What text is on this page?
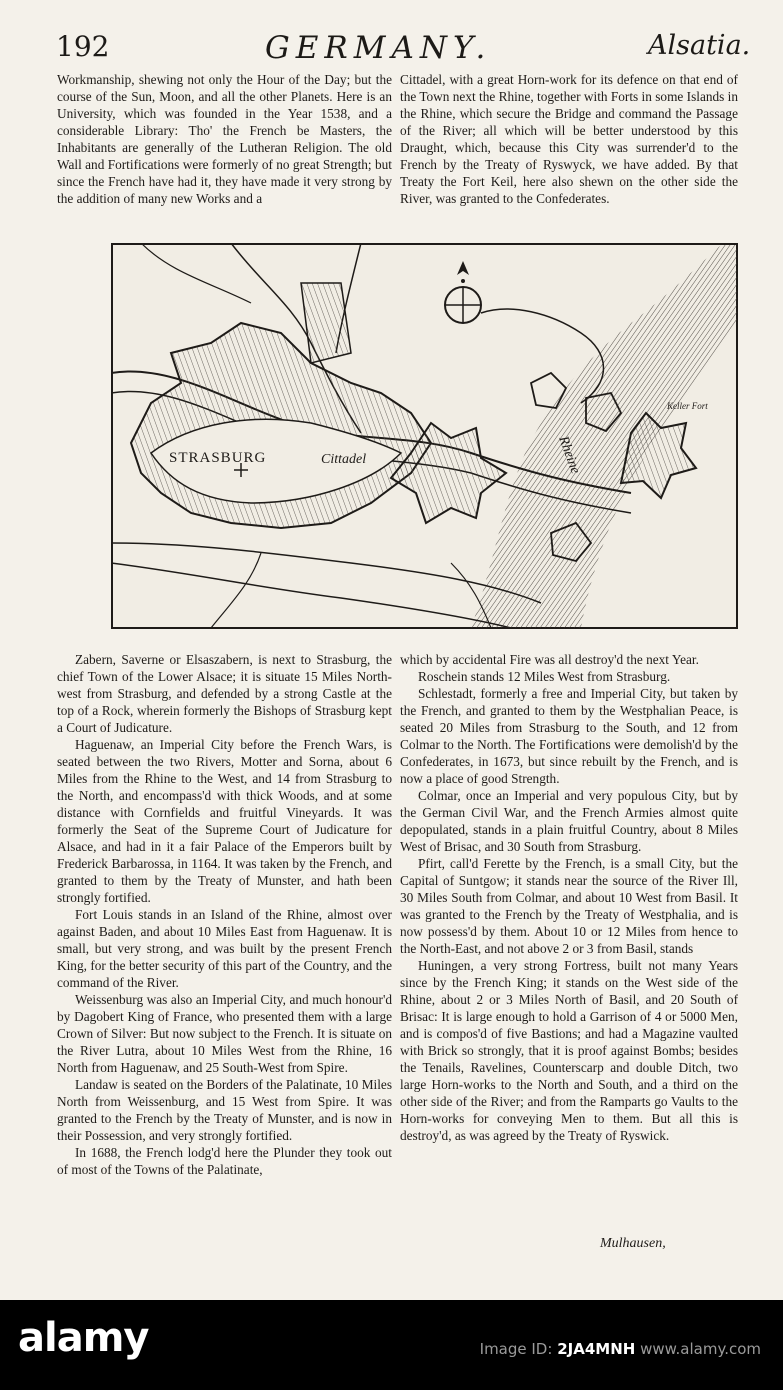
192	GERMANY.	Alsatia.

Workmanship, shewing not only the Hour of the Day; but the course of the Sun, Moon, and all the other Planets. Here is an University, which was founded in the Year 1538, and a considerable Library: Tho' the French be Masters, the Inhabitants are generally of the Lutheran Religion. The old Wall and Fortifications were formerly of no great Strength; but since the French have had it, they have made it very strong by the addition of many new Works and a

Cittadel, with a great Horn-work for its defence on that end of the Town next the Rhine, together with Forts in some Islands in the Rhine, which secure the Bridge and command the Passage of the River; all which will be better understood by this Draught, which, because this City was surrender'd to the French by the Treaty of Ryswyck, we have added. By that Treaty the Fort Keil, here also shewn on the other side the River, was granted to the Confederates.

STRASBURG	Cittadel	Rheine
Keller Fort

Zabern, Saverne or Elsaszabern, is next to Strasburg, the chief Town of the Lower Alsace; it is situate 15 Miles North-west from Strasburg, and defended by a strong Castle at the top of a Rock, wherein formerly the Bishops of Strasburg kept a Court of Judicature.

Haguenaw, an Imperial City before the French Wars, is seated between the two Rivers, Motter and Sorna, about 6 Miles from the Rhine to the West, and 14 from Strasburg to the North, and encompass'd with thick Woods, and at some distance with Cornfields and fruitful Vineyards. It was formerly the Seat of the Supreme Court of Judicature for Alsace, and had in it a fair Palace of the Emperors built by Frederick Barbarossa, in 1164. It was taken by the French, and granted to them by the Treaty of Munster, and hath been strongly fortified.

Fort Louis stands in an Island of the Rhine, almost over against Baden, and about 10 Miles East from Haguenaw. It is small, but very strong, and was built by the present French King, for the better security of this part of the Country, and the command of the River.

Weissenburg was also an Imperial City, and much honour'd by Dagobert King of France, who presented them with a large Crown of Silver: But now subject to the French. It is situate on the River Lutra, about 10 Miles West from the Rhine, 16 North from Haguenaw, and 25 South-West from Spire.

Landaw is seated on the Borders of the Palatinate, 10 Miles North from Weissenburg, and 15 West from Spire. It was granted to the French by the Treaty of Munster, and is now in their Possession, and very strongly fortified.

In 1688, the French lodg'd here the Plunder they took out of most of the Towns of the Palatinate,

which by accidental Fire was all destroy'd the next Year.

Roschein stands 12 Miles West from Strasburg.

Schlestadt, formerly a free and Imperial City, but taken by the French, and granted to them by the Westphalian Peace, is seated 20 Miles from Strasburg to the South, and 12 from Colmar to the North. The Fortifications were demolish'd by the Confederates, in 1673, but since rebuilt by the French, and is now a place of good Strength.

Colmar, once an Imperial and very populous City, but by the German Civil War, and the French Armies almost quite depopulated, stands in a plain fruitful Country, about 8 Miles West of Brisac, and 30 South from Strasburg.

Pfirt, call'd Ferette by the French, is a small City, but the Capital of Suntgow; it stands near the source of the River Ill, 30 Miles South from Colmar, and about 10 West from Basil. It was granted to the French by the Treaty of Westphalia, and is now possess'd by them. About 10 or 12 Miles from hence to the North-East, and not above 2 or 3 from Basil, stands

Huningen, a very strong Fortress, built not many Years since by the French King; it stands on the West side of the Rhine, about 2 or 3 Miles North of Basil, and 20 South of Brisac: It is large enough to hold a Garrison of 4 or 5000 Men, and is compos'd of five Bastions; and had a Magazine vaulted with Brick so strongly, that it is proof against Bombs; besides the Tenails, Ravelines, Counterscarp and double Ditch, two large Horn-works to the North and South, and a third on the other side of the River; and from the Ramparts go Vaults to the Horn-works for conveying Men to them. But all this is destroy'd, as was agreed by the Treaty of Ryswick.

Mulhausen,
alamy	Image ID: 2JA4MNH www.alamy.com
